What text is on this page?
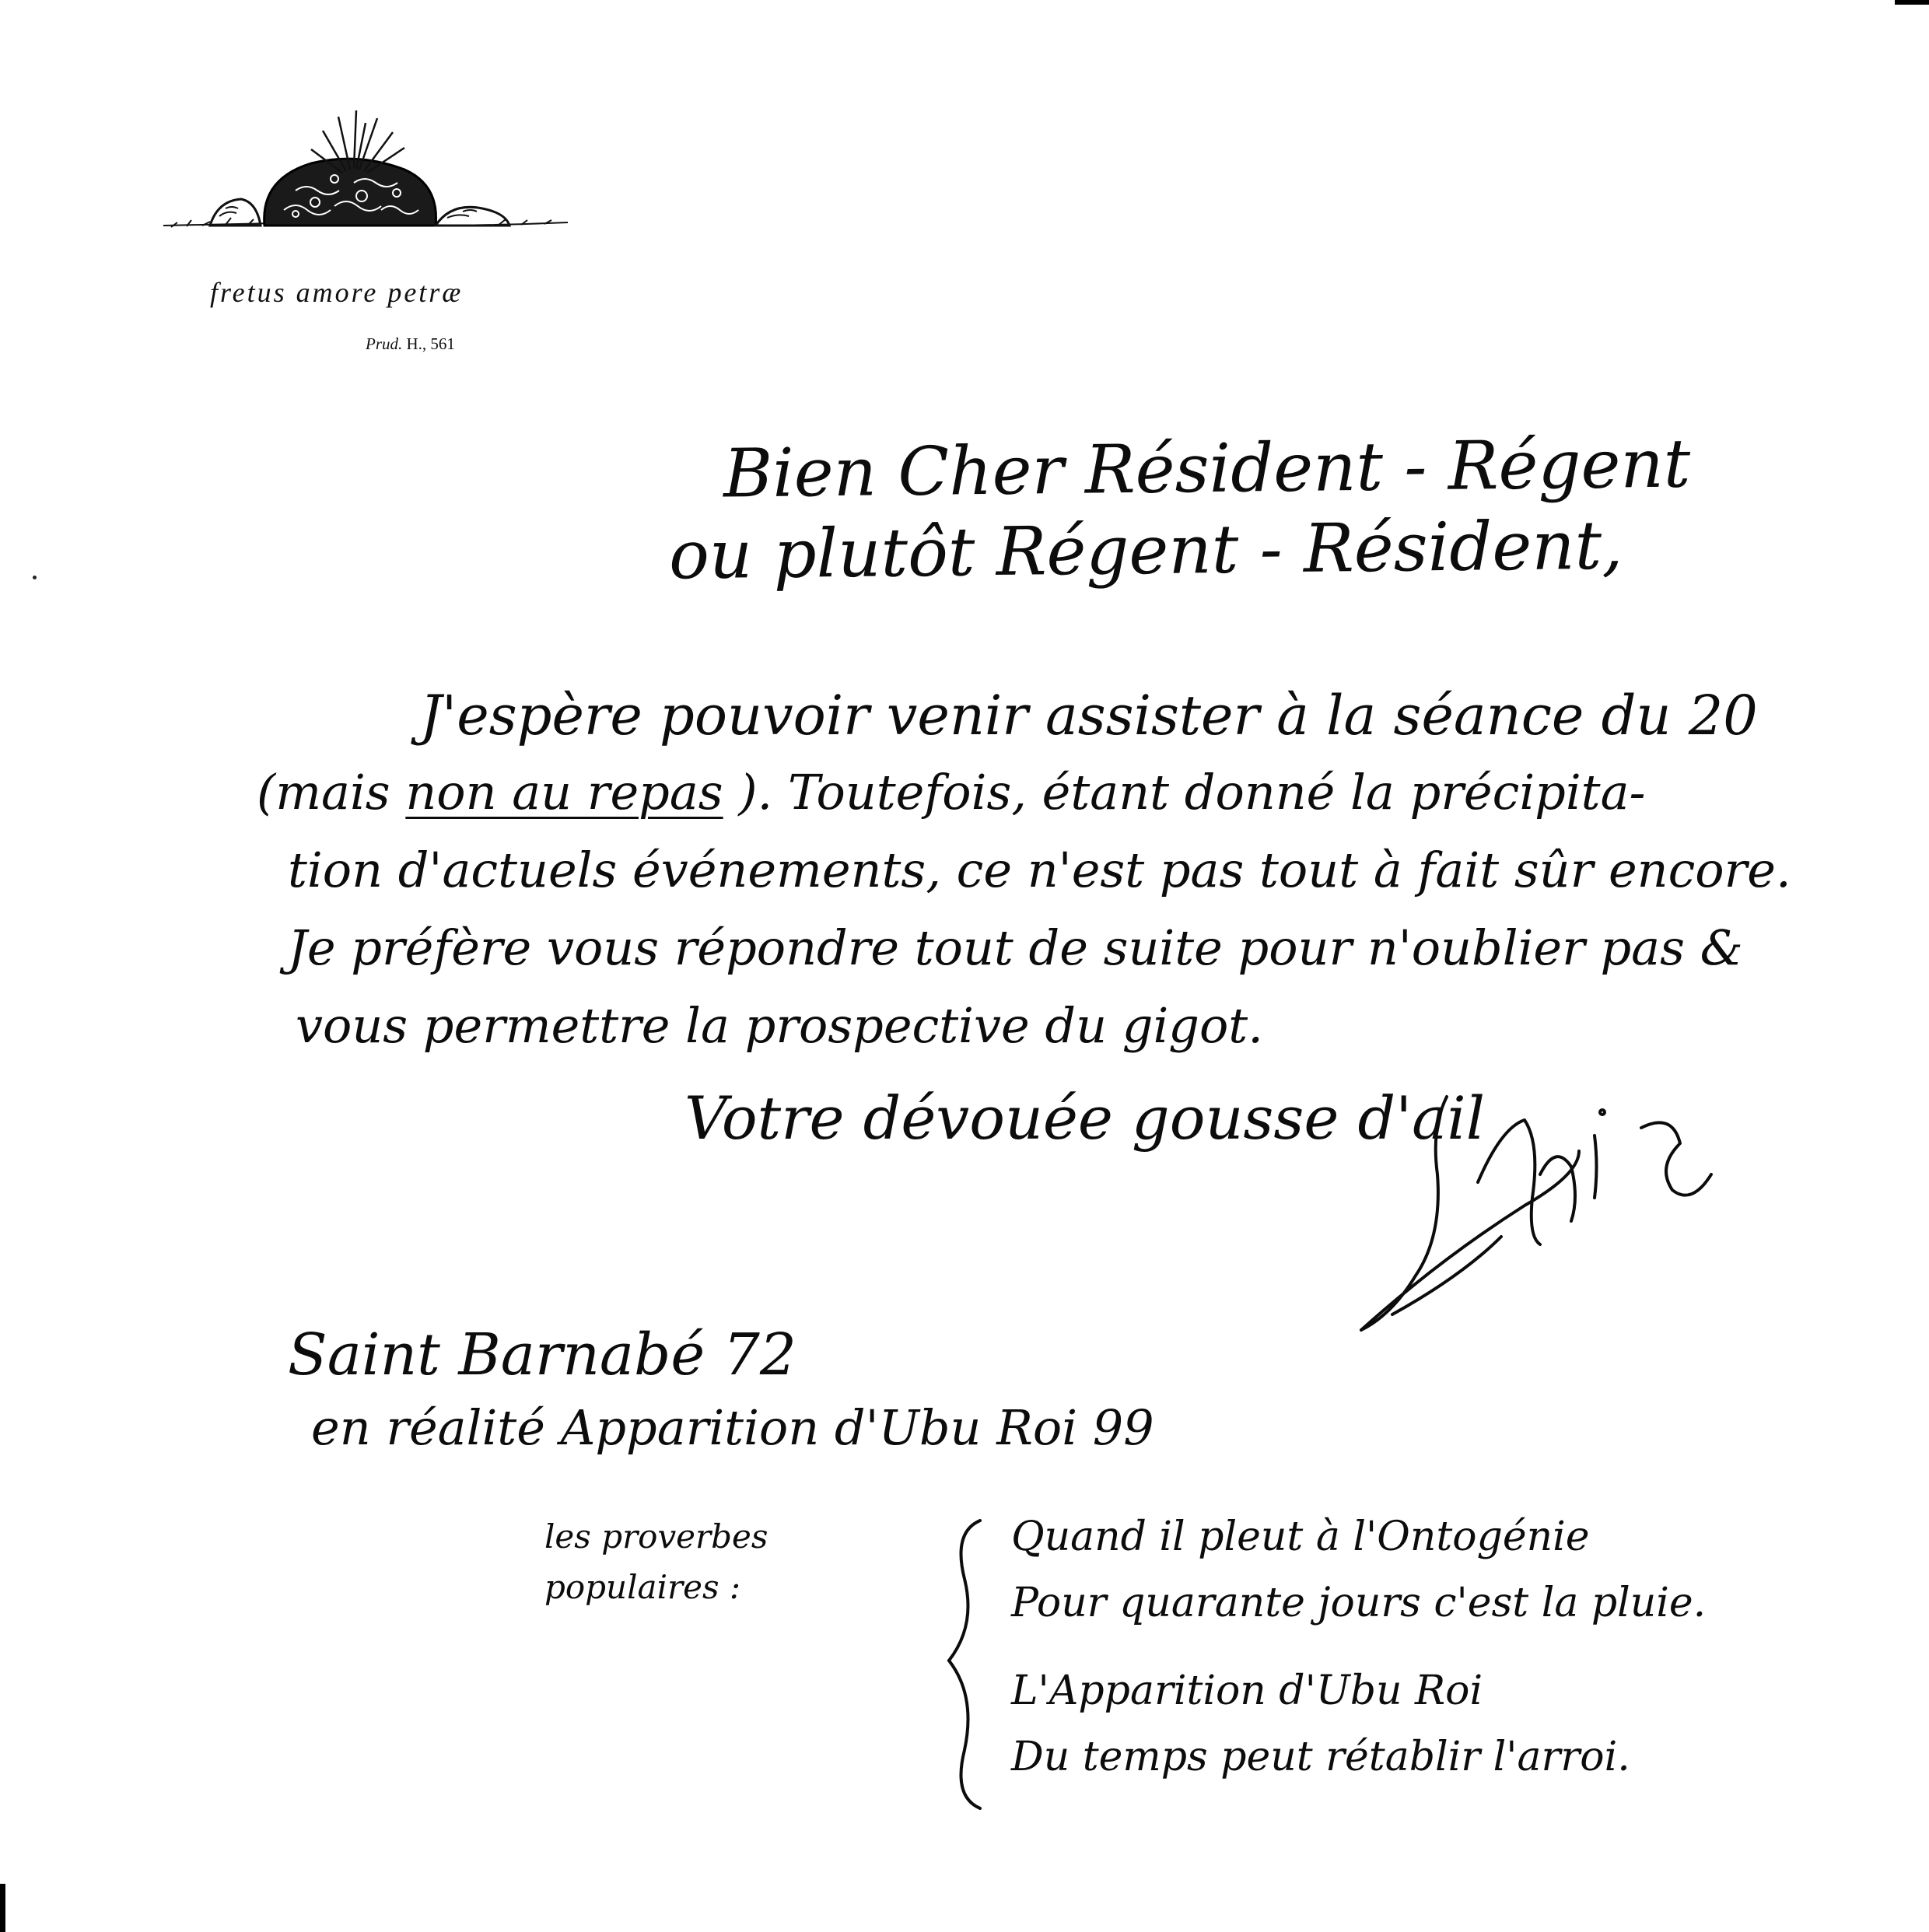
fretus amore petræ
Prud. H., 561
Bien Cher Résident - Régent
ou plutôt Régent - Résident,
J'espère pouvoir venir assister à la séance du 20
(mais non au repas ). Toutefois, étant donné la précipita-
tion d'actuels événements, ce n'est pas tout à fait sûr encore.
Je préfère vous répondre tout de suite pour n'oublier pas &
vous permettre la prospective du gigot.
Votre dévouée gousse d'ail
Saint Barnabé 72
en réalité Apparition d'Ubu Roi 99
les proverbes
populaires :
Quand il pleut à l'Ontogénie
Pour quarante jours c'est la pluie.
L'Apparition d'Ubu Roi
Du temps peut rétablir l'arroi.
